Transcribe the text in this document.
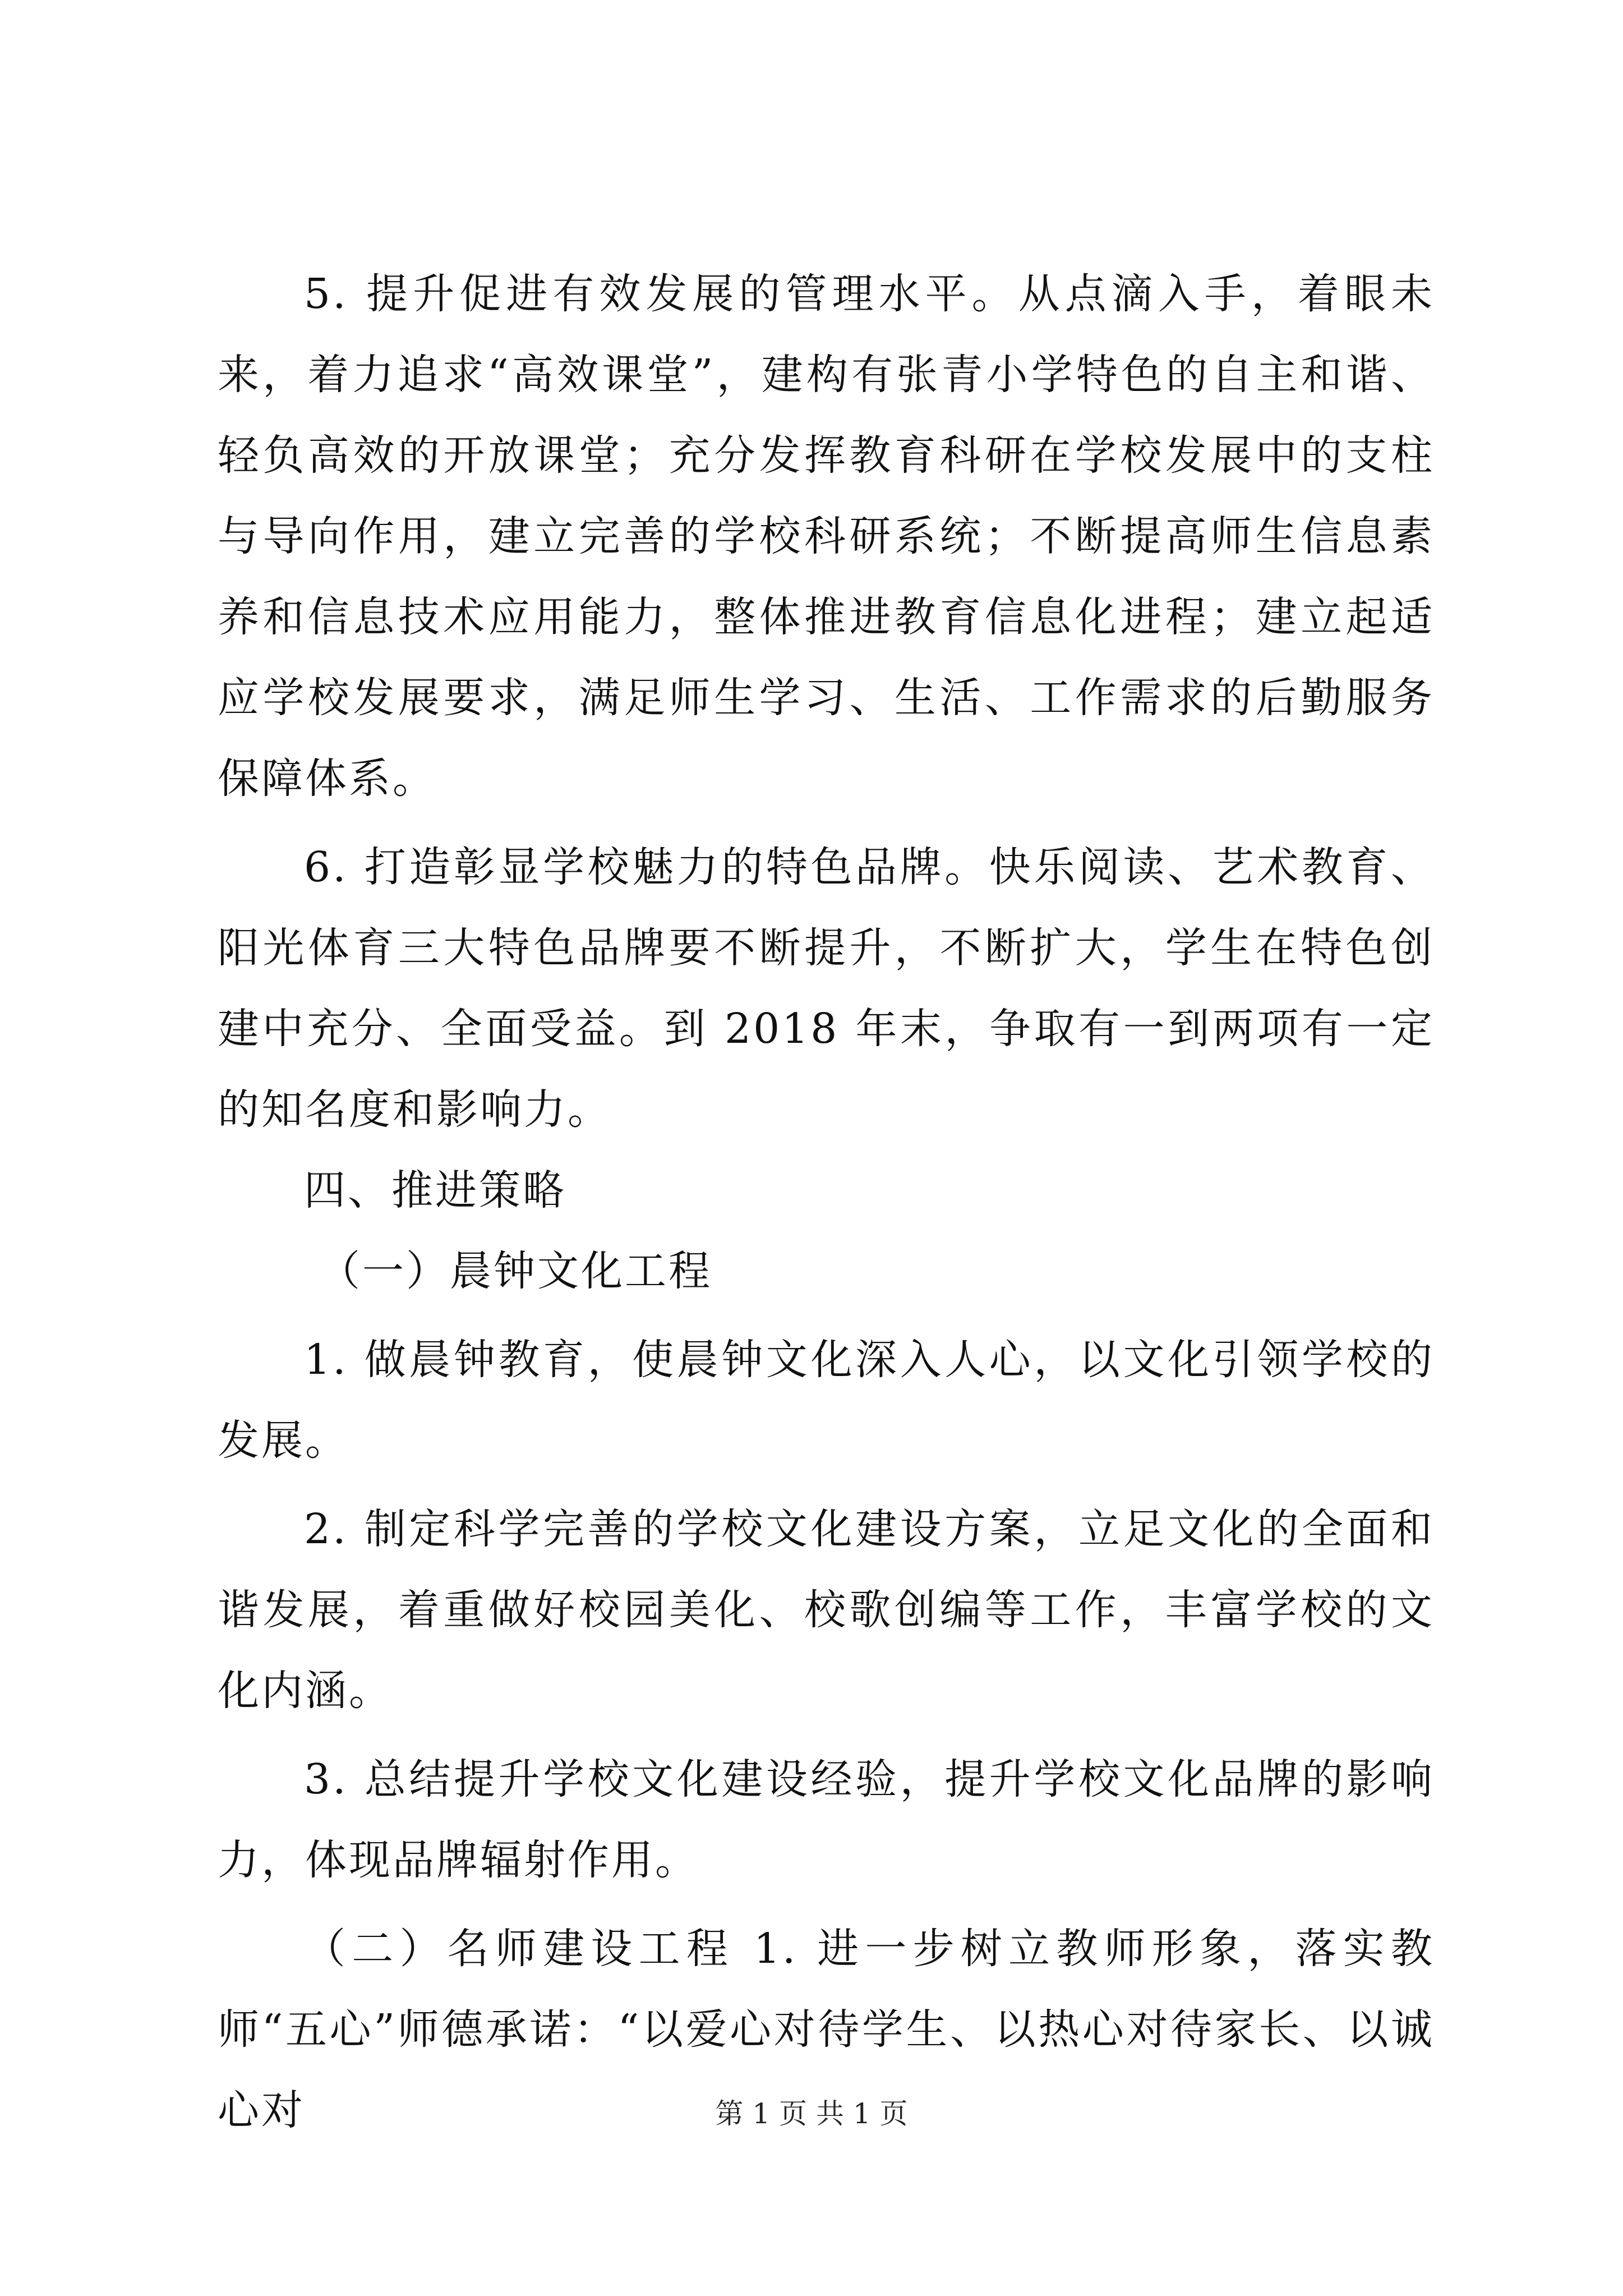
5. 提升促进有效发展的管理水平。从点滴入手，着眼未来，着力追求“高效课堂”，建构有张青小学特色的自主和谐、轻负高效的开放课堂；充分发挥教育科研在学校发展中的支柱与导向作用，建立完善的学校科研系统；不断提高师生信息素养和信息技术应用能力，整体推进教育信息化进程；建立起适应学校发展要求，满足师生学习、生活、工作需求的后勤服务保障体系。

6. 打造彰显学校魅力的特色品牌。快乐阅读、艺术教育、阳光体育三大特色品牌要不断提升，不断扩大，学生在特色创建中充分、全面受益。到 2018 年末，争取有一到两项有一定的知名度和影响力。

四、推进策略

（一）晨钟文化工程

1. 做晨钟教育，使晨钟文化深入人心，以文化引领学校的发展。

2. 制定科学完善的学校文化建设方案，立足文化的全面和谐发展，着重做好校园美化、校歌创编等工作，丰富学校的文化内涵。

3. 总结提升学校文化建设经验，提升学校文化品牌的影响力，体现品牌辐射作用。

（二）名师建设工程 1. 进一步树立教师形象，落实教师“五心”师德承诺：“以爱心对待学生、以热心对待家长、以诚心对	第 1 页 共 1 页
